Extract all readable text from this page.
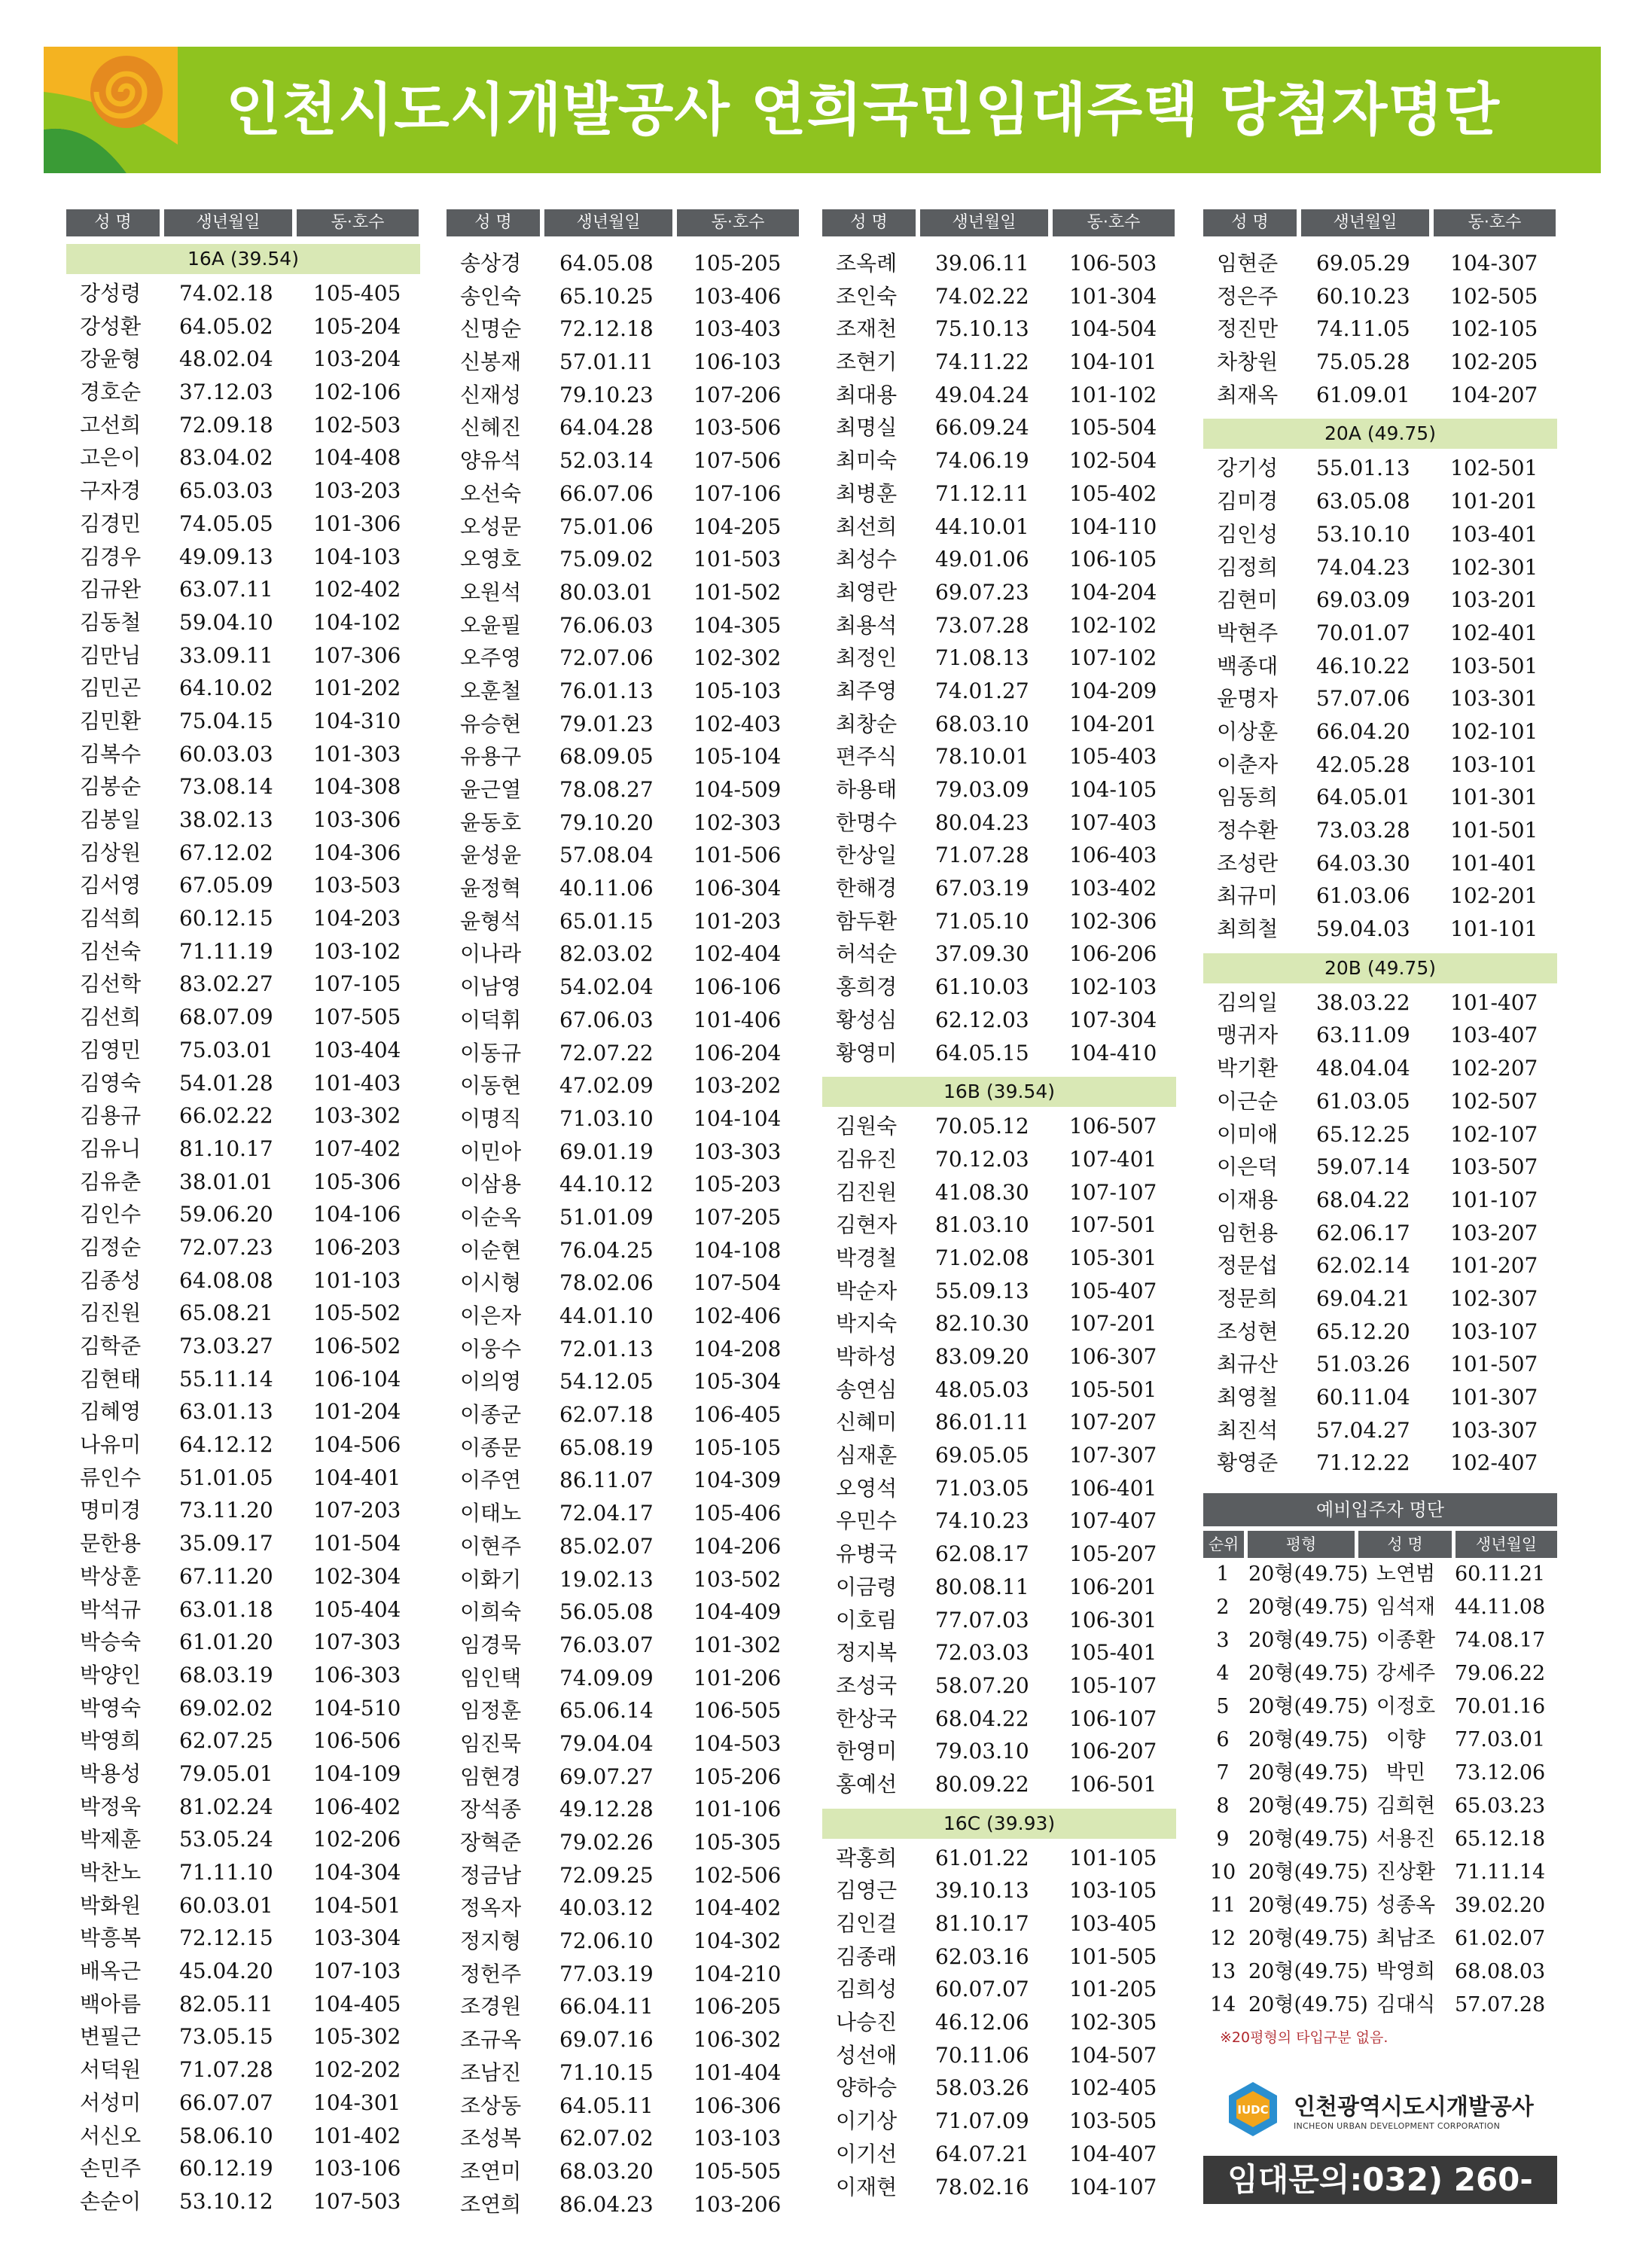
인천시도시개발공사 연희국민임대주택 당첨자명단
성 명	생년월일	동·호수
16A (39.54)
강성령	74.02.18	105-405
강성환	64.05.02	105-204
강윤형	48.02.04	103-204
경호순	37.12.03	102-106
고선희	72.09.18	102-503
고은이	83.04.02	104-408
구자경	65.03.03	103-203
김경민	74.05.05	101-306
김경우	49.09.13	104-103
김규완	63.07.11	102-402
김동철	59.04.10	104-102
김만님	33.09.11	107-306
김민곤	64.10.02	101-202
김민환	75.04.15	104-310
김복수	60.03.03	101-303
김봉순	73.08.14	104-308
김봉일	38.02.13	103-306
김상원	67.12.02	104-306
김서영	67.05.09	103-503
김석희	60.12.15	104-203
김선숙	71.11.19	103-102
김선학	83.02.27	107-105
김선희	68.07.09	107-505
김영민	75.03.01	103-404
김영숙	54.01.28	101-403
김용규	66.02.22	103-302
김유니	81.10.17	107-402
김유춘	38.01.01	105-306
김인수	59.06.20	104-106
김정순	72.07.23	106-203
김종성	64.08.08	101-103
김진원	65.08.21	105-502
김학준	73.03.27	106-502
김현태	55.11.14	106-104
김혜영	63.01.13	101-204
나유미	64.12.12	104-506
류인수	51.01.05	104-401
명미경	73.11.20	107-203
문한용	35.09.17	101-504
박상훈	67.11.20	102-304
박석규	63.01.18	105-404
박승숙	61.01.20	107-303
박양인	68.03.19	106-303
박영숙	69.02.02	104-510
박영희	62.07.25	106-506
박용성	79.05.01	104-109
박정욱	81.02.24	106-402
박제훈	53.05.24	102-206
박찬노	71.11.10	104-304
박화원	60.03.01	104-501
박흥복	72.12.15	103-304
배옥근	45.04.20	107-103
백아름	82.05.11	104-405
변필근	73.05.15	105-302
서덕원	71.07.28	102-202
서성미	66.07.07	104-301
서신오	58.06.10	101-402
손민주	60.12.19	103-106
손순이	53.10.12	107-503
성 명	생년월일	동·호수
송상경	64.05.08	105-205
송인숙	65.10.25	103-406
신명순	72.12.18	103-403
신봉재	57.01.11	106-103
신재성	79.10.23	107-206
신혜진	64.04.28	103-506
양유석	52.03.14	107-506
오선숙	66.07.06	107-106
오성문	75.01.06	104-205
오영호	75.09.02	101-503
오원석	80.03.01	101-502
오윤필	76.06.03	104-305
오주영	72.07.06	102-302
오훈철	76.01.13	105-103
유승현	79.01.23	102-403
유용구	68.09.05	105-104
윤근열	78.08.27	104-509
윤동호	79.10.20	102-303
윤성윤	57.08.04	101-506
윤정혁	40.11.06	106-304
윤형석	65.01.15	101-203
이나라	82.03.02	102-404
이남영	54.02.04	106-106
이덕휘	67.06.03	101-406
이동규	72.07.22	106-204
이동현	47.02.09	103-202
이명직	71.03.10	104-104
이민아	69.01.19	103-303
이삼용	44.10.12	105-203
이순옥	51.01.09	107-205
이순현	76.04.25	104-108
이시형	78.02.06	107-504
이은자	44.01.10	102-406
이웅수	72.01.13	104-208
이의영	54.12.05	105-304
이종군	62.07.18	106-405
이종문	65.08.19	105-105
이주연	86.11.07	104-309
이태노	72.04.17	105-406
이현주	85.02.07	104-206
이화기	19.02.13	103-502
이희숙	56.05.08	104-409
임경묵	76.03.07	101-302
임인택	74.09.09	101-206
임정훈	65.06.14	106-505
임진묵	79.04.04	104-503
임현경	69.07.27	105-206
장석종	49.12.28	101-106
장혁준	79.02.26	105-305
정금남	72.09.25	102-506
정옥자	40.03.12	104-402
정지형	72.06.10	104-302
정헌주	77.03.19	104-210
조경원	66.04.11	106-205
조규옥	69.07.16	106-302
조남진	71.10.15	101-404
조상동	64.05.11	106-306
조성복	62.07.02	103-103
조연미	68.03.20	105-505
조연희	86.04.23	103-206
성 명	생년월일	동·호수
조옥례	39.06.11	106-503
조인숙	74.02.22	101-304
조재천	75.10.13	104-504
조현기	74.11.22	104-101
최대용	49.04.24	101-102
최명실	66.09.24	105-504
최미숙	74.06.19	102-504
최병훈	71.12.11	105-402
최선희	44.10.01	104-110
최성수	49.01.06	106-105
최영란	69.07.23	104-204
최용석	73.07.28	102-102
최정인	71.08.13	107-102
최주영	74.01.27	104-209
최창순	68.03.10	104-201
편주식	78.10.01	105-403
하용태	79.03.09	104-105
한명수	80.04.23	107-403
한상일	71.07.28	106-403
한해경	67.03.19	103-402
함두환	71.05.10	102-306
허석순	37.09.30	106-206
홍희경	61.10.03	102-103
황성심	62.12.03	107-304
황영미	64.05.15	104-410
16B (39.54)
김원숙	70.05.12	106-507
김유진	70.12.03	107-401
김진원	41.08.30	107-107
김현자	81.03.10	107-501
박경철	71.02.08	105-301
박순자	55.09.13	105-407
박지숙	82.10.30	107-201
박하성	83.09.20	106-307
송연심	48.05.03	105-501
신혜미	86.01.11	107-207
심재훈	69.05.05	107-307
오영석	71.03.05	106-401
우민수	74.10.23	107-407
유병국	62.08.17	105-207
이금령	80.08.11	106-201
이호림	77.07.03	106-301
정지복	72.03.03	105-401
조성국	58.07.20	105-107
한상국	68.04.22	106-107
한영미	79.03.10	106-207
홍예선	80.09.22	106-501
16C (39.93)
곽홍희	61.01.22	101-105
김영근	39.10.13	103-105
김인걸	81.10.17	103-405
김종래	62.03.16	101-505
김희성	60.07.07	101-205
나승진	46.12.06	102-305
성선애	70.11.06	104-507
양하승	58.03.26	102-405
이기상	71.07.09	103-505
이기선	64.07.21	104-407
이재현	78.02.16	104-107
성 명	생년월일	동·호수
임현준	69.05.29	104-307
정은주	60.10.23	102-505
정진만	74.11.05	102-105
차창원	75.05.28	102-205
최재옥	61.09.01	104-207
20A (49.75)
강기성	55.01.13	102-501
김미경	63.05.08	101-201
김인성	53.10.10	103-401
김정희	74.04.23	102-301
김현미	69.03.09	103-201
박현주	70.01.07	102-401
백종대	46.10.22	103-501
윤명자	57.07.06	103-301
이상훈	66.04.20	102-101
이춘자	42.05.28	103-101
임동희	64.05.01	101-301
정수환	73.03.28	101-501
조성란	64.03.30	101-401
최규미	61.03.06	102-201
최희철	59.04.03	101-101
20B (49.75)
김의일	38.03.22	101-407
맹귀자	63.11.09	103-407
박기환	48.04.04	102-207
이근순	61.03.05	102-507
이미애	65.12.25	102-107
이은덕	59.07.14	103-507
이재용	68.04.22	101-107
임헌용	62.06.17	103-207
정문섭	62.02.14	101-207
정문희	69.04.21	102-307
조성현	65.12.20	103-107
최규산	51.03.26	101-507
최영철	60.11.04	101-307
최진석	57.04.27	103-307
황영준	71.12.22	102-407
예비입주자 명단
순위	평형	성 명	생년월일
1 20형(49.75) 노연범 60.11.21
2 20형(49.75) 임석재 44.11.08
3 20형(49.75) 이종환 74.08.17
4 20형(49.75) 강세주 79.06.22
5 20형(49.75) 이정호 70.01.16
6 20형(49.75) 이향	77.03.01
7 20형(49.75) 박민	73.12.06
8 20형(49.75) 김희현 65.03.23
9 20형(49.75) 서용진 65.12.18
10 20형(49.75) 진상환 71.11.14
11 20형(49.75) 성종옥 39.02.20
12 20형(49.75) 최남조 61.02.07
13 20형(49.75) 박영희 68.08.03
14 20형(49.75) 김대식 57.07.28
※20평형의 타입구분 없음.
IUDC 인천광역시도시개발공사
INCHEON URBAN DEVELOPMENT CORPORATION
임대문의:032) 260-5000
